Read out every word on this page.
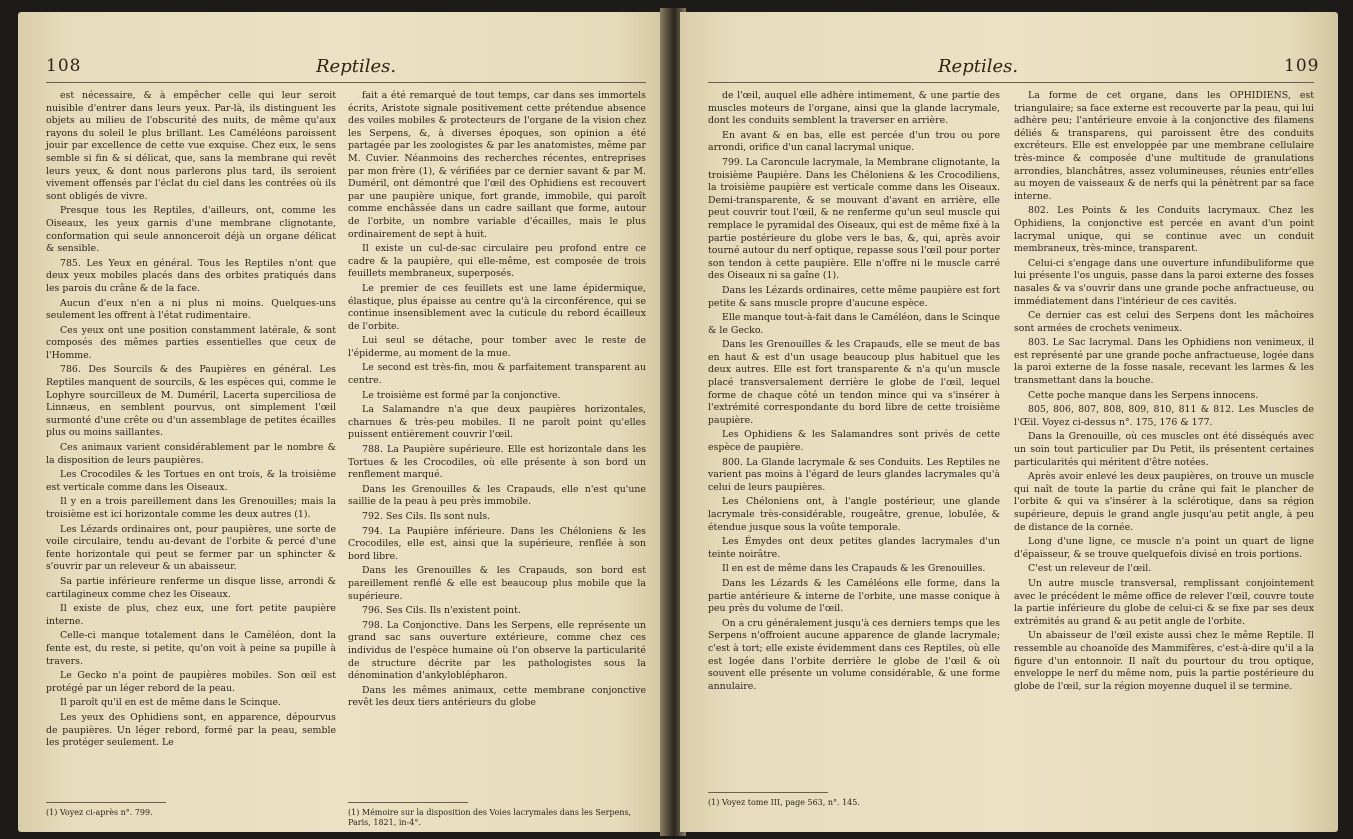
108	Reptiles.

est nécessaire, & à empêcher celle qui leur seroit nuisible d'entrer dans leurs yeux. Par-là, ils distinguent les objets au milieu de l'obscurité des nuits, de même qu'aux rayons du soleil le plus brillant. Les Caméléons paroissent jouir par excellence de cette vue exquise. Chez eux, le sens semble si fin & si délicat, que, sans la membrane qui revêt leurs yeux, & dont nous parlerons plus tard, ils seroient vivement offensés par l'éclat du ciel dans les contrées où ils sont obligés de vivre.

Presque tous les Reptiles, d'ailleurs, ont, comme les Oiseaux, les yeux garnis d'une membrane clignotante, conformation qui seule annonceroit déjà un organe délicat & sensible.

785. Les Yeux en général. Tous les Reptiles n'ont que deux yeux mobiles placés dans des orbites pratiqués dans les parois du crâne & de la face.

Aucun d'eux n'en a ni plus ni moins. Quelques-uns seulement les offrent à l'état rudimentaire.

Ces yeux ont une position constamment latérale, & sont composés des mêmes parties essentielles que ceux de l'Homme.

786. Des Sourcils & des Paupières en général. Les Reptiles manquent de sourcils, & les espèces qui, comme le Lophyre sourcilleux de M. Duméril, Lacerta superciliosa de Linnæus, en semblent pourvus, ont simplement l'œil surmonté d'une crête ou d'un assemblage de petites écailles plus ou moins saillantes.

Ces animaux varient considérablement par le nombre & la disposition de leurs paupières.

Les Crocodiles & les Tortues en ont trois, & la troisième est verticale comme dans les Oiseaux.

Il y en a trois pareillement dans les Grenouilles; mais la troisième est ici horizontale comme les deux autres (1).

Les Lézards ordinaires ont, pour paupières, une sorte de voile circulaire, tendu au-devant de l'orbite & percé d'une fente horizontale qui peut se fermer par un sphincter & s'ouvrir par un releveur & un abaisseur.

Sa partie inférieure renferme un disque lisse, arrondi & cartilagineux comme chez les Oiseaux.

Il existe de plus, chez eux, une fort petite paupière interne.

Celle-ci manque totalement dans le Caméléon, dont la fente est, du reste, si petite, qu'on voit à peine sa pupille à travers.

Le Gecko n'a point de paupières mobiles. Son œil est protégé par un léger rebord de la peau.

Il paroît qu'il en est de même dans le Scinque.

Les yeux des Ophidiens sont, en apparence, dépourvus de paupières. Un léger rebord, formé par la peau, semble les protéger seulement. Le

fait a été remarqué de tout temps, car dans ses immortels écrits, Aristote signale positivement cette prétendue absence des voiles mobiles & protecteurs de l'organe de la vision chez les Serpens, &, à diverses époques, son opinion a été partagée par les zoologistes & par les anatomistes, même par M. Cuvier. Néanmoins des recherches récentes, entreprises par mon frère (1), & vérifiées par ce dernier savant & par M. Duméril, ont démontré que l'œil des Ophidiens est recouvert par une paupière unique, fort grande, immobile, qui paroît comme enchâssée dans un cadre saillant que forme, autour de l'orbite, un nombre variable d'écailles, mais le plus ordinairement de sept à huit.

Il existe un cul-de-sac circulaire peu profond entre ce cadre & la paupière, qui elle-même, est composée de trois feuillets membraneux, superposés.

Le premier de ces feuillets est une lame épidermique, élastique, plus épaisse au centre qu'à la circonférence, qui se continue insensiblement avec la cuticule du rebord écailleux de l'orbite.

Lui seul se détache, pour tomber avec le reste de l'épiderme, au moment de la mue.

Le second est très-fin, mou & parfaitement transparent au centre.

Le troisième est formé par la conjonctive.

La Salamandre n'a que deux paupières horizontales, charnues & très-peu mobiles. Il ne paroît point qu'elles puissent entièrement couvrir l'œil.

788. La Paupière supérieure. Elle est horizontale dans les Tortues & les Crocodiles, où elle présente à son bord un renflement marqué.

Dans les Grenouilles & les Crapauds, elle n'est qu'une saillie de la peau à peu près immobile.

792. Ses Cils. Ils sont nuls.

794. La Paupière inférieure. Dans les Chéloniens & les Crocodiles, elle est, ainsi que la supérieure, renflée à son bord libre.

Dans les Grenouilles & les Crapauds, son bord est pareillement renflé & elle est beaucoup plus mobile que la supérieure.

796. Ses Cils. Ils n'existent point.

798. La Conjonctive. Dans les Serpens, elle représente un grand sac sans ouverture extérieure, comme chez ces individus de l'espèce humaine où l'on observe la particularité de structure décrite par les pathologistes sous la dénomination d'ankyloblépharon.

Dans les mêmes animaux, cette membrane conjonctive revêt les deux tiers antérieurs du globe

(1) Voyez ci-après n°. 799.	(1) Mémoire sur la disposition des Voies lacrymales dans les Serpens, Paris, 1821, in-4°.
Reptiles.	109

de l'œil, auquel elle adhère intimement, & une partie des muscles moteurs de l'organe, ainsi que la glande lacrymale, dont les conduits semblent la traverser en arrière.

En avant & en bas, elle est percée d'un trou ou pore arrondi, orifice d'un canal lacrymal unique.

799. La Caroncule lacrymale, la Membrane clignotante, la troisième Paupière. Dans les Chéloniens & les Crocodiliens, la troisième paupière est verticale comme dans les Oiseaux. Demi-transparente, & se mouvant d'avant en arrière, elle peut couvrir tout l'œil, & ne renferme qu'un seul muscle qui remplace le pyramidal des Oiseaux, qui est de même fixé à la partie postérieure du globe vers le bas, &, qui, après avoir tourné autour du nerf optique, repasse sous l'œil pour porter son tendon à cette paupière. Elle n'offre ni le muscle carré des Oiseaux ni sa gaîne (1).

Dans les Lézards ordinaires, cette même paupière est fort petite & sans muscle propre d'aucune espèce.

Elle manque tout-à-fait dans le Caméléon, dans le Scinque & le Gecko.

Dans les Grenouilles & les Crapauds, elle se meut de bas en haut & est d'un usage beaucoup plus habituel que les deux autres. Elle est fort transparente & n'a qu'un muscle placé transversalement derrière le globe de l'œil, lequel forme de chaque côté un tendon mince qui va s'insérer à l'extrémité correspondante du bord libre de cette troisième paupière.

Les Ophidiens & les Salamandres sont privés de cette espèce de paupière.

800. La Glande lacrymale & ses Conduits. Les Reptiles ne varient pas moins à l'égard de leurs glandes lacrymales qu'à celui de leurs paupières.

Les Chéloniens ont, à l'angle postérieur, une glande lacrymale très-considérable, rougeâtre, grenue, lobulée, & étendue jusque sous la voûte temporale.

Les Émydes ont deux petites glandes lacrymales d'un teinte noirâtre.

Il en est de même dans les Crapauds & les Grenouilles.

Dans les Lézards & les Caméléons elle forme, dans la partie antérieure & interne de l'orbite, une masse conique à peu près du volume de l'œil.

On a cru généralement jusqu'à ces derniers temps que les Serpens n'offroient aucune apparence de glande lacrymale; c'est à tort; elle existe évidemment dans ces Reptiles, où elle est logée dans l'orbite derrière le globe de l'œil & où souvent elle présente un volume considérable, & une forme annulaire.

La forme de cet organe, dans les OPHIDIENS, est triangulaire; sa face externe est recouverte par la peau, qui lui adhère peu; l'antérieure envoie à la conjonctive des filamens déliés & transparens, qui paroissent être des conduits excréteurs. Elle est enveloppée par une membrane cellulaire très-mince & composée d'une multitude de granulations arrondies, blanchâtres, assez volumineuses, réunies entr'elles au moyen de vaisseaux & de nerfs qui la pénètrent par sa face interne.

802. Les Points & les Conduits lacrymaux. Chez les Ophidiens, la conjonctive est percée en avant d'un point lacrymal unique, qui se continue avec un conduit membraneux, très-mince, transparent.

Celui-ci s'engage dans une ouverture infundibuliforme que lui présente l'os unguis, passe dans la paroi externe des fosses nasales & va s'ouvrir dans une grande poche anfractueuse, ou immédiatement dans l'intérieur de ces cavités.

Ce dernier cas est celui des Serpens dont les mâchoires sont armées de crochets venimeux.

803. Le Sac lacrymal. Dans les Ophidiens non venimeux, il est représenté par une grande poche anfractueuse, logée dans la paroi externe de la fosse nasale, recevant les larmes & les transmettant dans la bouche.

Cette poche manque dans les Serpens innocens.

805, 806, 807, 808, 809, 810, 811 & 812. Les Muscles de l'Œil. Voyez ci-dessus n°. 175, 176 & 177.

Dans la Grenouille, où ces muscles ont été disséqués avec un soin tout particulier par Du Petit, ils présentent certaines particularités qui méritent d'être notées.

Après avoir enlevé les deux paupières, on trouve un muscle qui naît de toute la partie du crâne qui fait le plancher de l'orbite & qui va s'insérer à la sclérotique, dans sa région supérieure, depuis le grand angle jusqu'au petit angle, à peu de distance de la cornée.

Long d'une ligne, ce muscle n'a point un quart de ligne d'épaisseur, & se trouve quelquefois divisé en trois portions.

C'est un releveur de l'œil.

Un autre muscle transversal, remplissant conjointement avec le précédent le même office de relever l'œil, couvre toute la partie inférieure du globe de celui-ci & se fixe par ses deux extrémités au grand & au petit angle de l'orbite.

Un abaisseur de l'œil existe aussi chez le même Reptile. Il ressemble au choanoïde des Mammifères, c'est-à-dire qu'il a la figure d'un entonnoir. Il naît du pourtour du trou optique, enveloppe le nerf du même nom, puis la partie postérieure du globe de l'œil, sur la région moyenne duquel il se termine.

(1) Voyez tome III, page 563, n°. 145.
